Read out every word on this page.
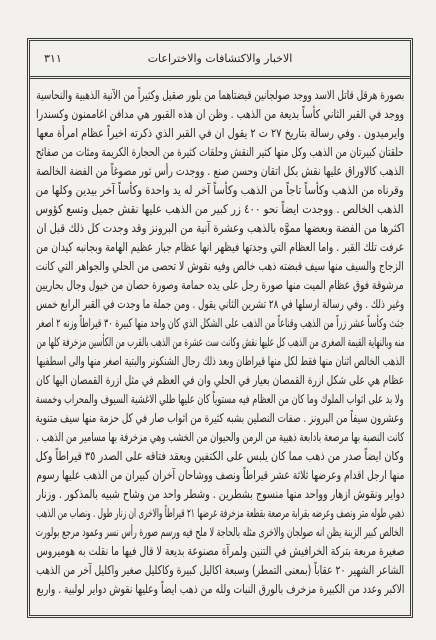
٣١١	الاخبار والاكتشافات والاختراعات
بصورة هرقل قاتل الاسد ووجد صولجانين قبضتاهما من بلور صقيل وكثيراً من الآنية الذهبية والنحاسية
ووجد في القبر الثاني كأساً بديعة من الذهب . وظن ان هذه القبور هي مدافن اغاممنون وكسندرا
وايرميدون . وفي رسالة بتاريخ ٢٧ ت ٢ يقول ان في القبر الذي ذكرته اخيراً عظام امرأة معها
حلقتان كبيرتان من الذهب وكل منها كثير النقش وحلقات كثيرة من الحجارة الكريمة ومئات من صفائح
الذهب كالاوراق عليها نقش بكل اتقان وحسن صنع . ووجدت رأس ثور مصوغاً من الفضة الخالصة
وقرناه من الذهب وكأساً تاجاً من الذهب وكأساً آخر له يد واحدة وكأساً آخر بيدين وكلها من
الذهب الخالص . ووجدت ايضاً نحو ٤٠٠ زر كبير من الذهب عليها نقش جميل وتسع كؤوس
اكثرها من الفضة وبعضها مموَّه بالذهب وعشرة آنية من البرونز وقد وجدت كل ذلك قبل ان
عرفت تلك القبر . واما العظام التي وجدتها فيظهر انها عظام جبار عظيم الهامة وبجانبه كيدان من
الزجاج والسيف منها سيف قبضته ذهب خالص وفيه نقوش لا تحصى من الحلي والجواهر التي كانت
مرشوقة فوق عظام الميت منها صورة رجل على يده حمامة وصورة حصان من خيول وجال بحاريين
وغير ذلك . وفي رسالة ارسلها في ٢٨ تشرين الثاني يقول . ومن جملة ما وجدت في القبر الرابع خمس
جثث وكأساً عشر زراً من الذهب وقناعاً من الذهب على الشكل الذي كان واحد منها كبيرة ٣٠ قيراطاً وزنه ٢ اصغر
منه وبالنهاية القيمة الصغرى من الذهب كل عليها نقش وكانت ست عشرة من الذهب بالقرب من الكأسين مزخرفة كلها من
الذهب الخالص اثنان منها فقط لكل منها قيراطان وبعد ذلك رجال الشنكونر والبتية اصغر منها والى اسطفيها
عظام هي على شكل ازرة القمصان بعيار في الحلي وان في العظم في مثل ازرة القمصان اليها كان
ولا بد على اثواب الملوك وما كان من العظام فيه مستوياً كان عليها طلي الاغشية السيوف والمحراب وخمسة
وعشرون سيفاً من البرونز . صفات النصلين بشبه كثيرة من اثواب صار في كل حزمة منها سيف متنوية
كانت النصبة بها مرصعة بادابعة ذهبية من الرمن والحيوان من الخشب وهي مزخرفة بها مسامير من الذهب .
وكان ايضاً صدر من ذهب مما كان يلبس على الكتفين ويعقد فتاقه على الصدر ٣٥ قيراطاً وكل
منها ارجل اقدام وعرضها ثلاثة عشر قيراطاً ونصف ووشاحان آخران كبيران من الذهب عليها رسوم
دواير ونقوش ازهار وواحد منها منسوج بشطرين . وشطر واحد من وشاح شبيه بالمذكور . وزنار
ذهبي طوله متر ونصف وعرضه بقرابة مرصعة بقطعة مزخرفة عرضها ٢١ قيراطاً والاخرى ان زنار طول . ونصاب من الذهب
الخالص كبير الزينة يظن انه صولجان والاخرى مثله بالحاجة لا ملح فيه ورسم صورة رأس نسر وعمود مرجع بولورت
صغيرة مربعة بتركة الخرافيش في التنين ولمرآة مصنوعة بديعة لا قال فيها ما نقلت به هوميروس
الشاعر الشهير ٢٠ عقاباً (بمعنى التمطر) وسبعة اكاليل كبيرة وكاكليل صغير واكليل آخر من الذهب
الاكبر وعدد من الكبيرة مزخرف بالورق النبات ولله من ذهب ايضاً وعليها نقوش دواير لولبية . واربع
